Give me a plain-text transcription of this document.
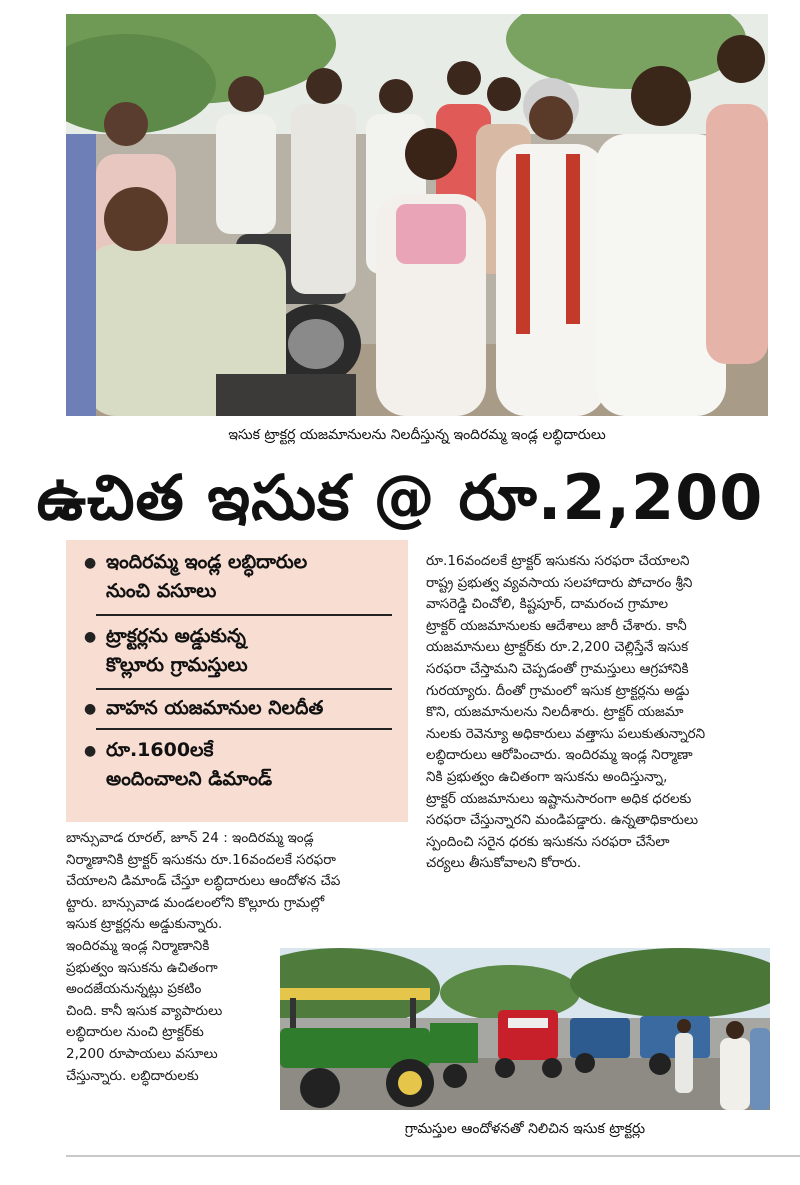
ఇసుక ట్రాక్టర్ల యజమానులను నిలదీస్తున్న ఇందిరమ్మ ఇండ్ల లబ్ధిదారులు
ఉచిత ఇసుక @ రూ.2,200
● ఇందిరమ్మ ఇండ్ల లబ్ధిదారుల
నుంచి వసూలు
● ట్రాక్టర్లను అడ్డుకున్న
కొల్లూరు గ్రామస్తులు
● వాహన యజమానుల నిలదీత
● రూ.1600లకే
అందించాలని డిమాండ్
రూ.16వందలకే ట్రాక్టర్ ఇసుకను సరఫరా చేయాలని
రాష్ట్ర ప్రభుత్వ వ్యవసాయ సలహాదారు పోచారం శ్రీని
వాసరెడ్డి చించోలి, కిష్టపూర్, దామరంచ గ్రామాల
ట్రాక్టర్ యజమానులకు ఆదేశాలు జారీ చేశారు. కానీ
యజమానులు ట్రాక్టర్‌కు రూ.2,200 చెల్లిస్తేనే ఇసుక
సరఫరా చేస్తామని చెప్పడంతో గ్రామస్తులు ఆగ్రహానికి
గురయ్యారు. దీంతో గ్రామంలో ఇసుక ట్రాక్టర్లను అడ్డు
కొని, యజమానులను నిలదీశారు. ట్రాక్టర్ యజమా
నులకు రెవెన్యూ అధికారులు వత్తాసు పలుకుతున్నారని
లబ్ధిదారులు ఆరోపించారు. ఇందిరమ్మ ఇండ్ల నిర్మాణా
నికి ప్రభుత్వం ఉచితంగా ఇసుకను అందిస్తున్నా,
ట్రాక్టర్ యజమానులు ఇష్టానుసారంగా అధిక ధరలకు
సరఫరా చేస్తున్నారని మండిపడ్డారు. ఉన్నతాధికారులు
స్పందించి సరైన ధరకు ఇసుకను సరఫరా చేసేలా
చర్యలు తీసుకోవాలని కోరారు.
బాన్సువాడ రూరల్, జూన్ 24 : ఇందిరమ్మ ఇండ్ల
నిర్మాణానికి ట్రాక్టర్ ఇసుకను రూ.16వందలకే సరఫరా
చేయాలని డిమాండ్ చేస్తూ లబ్ధిదారులు ఆందోళన చేప
ట్టారు. బాన్సువాడ మండలంలోని కొల్లూరు గ్రామల్లో
ఇసుక ట్రాక్టర్లను అడ్డుకున్నారు.
ఇందిరమ్మ ఇండ్ల నిర్మాణానికి
ప్రభుత్వం ఇసుకను ఉచితంగా
అందజేయనున్నట్లు ప్రకటిం
చింది. కానీ ఇసుక వ్యాపారులు
లబ్ధిదారుల నుంచి ట్రాక్టర్‌కు
2,200 రూపాయలు వసూలు
చేస్తున్నారు. లబ్ధిదారులకు
గ్రామస్తుల ఆందోళనతో నిలిచిన ఇసుక ట్రాక్టర్లు
